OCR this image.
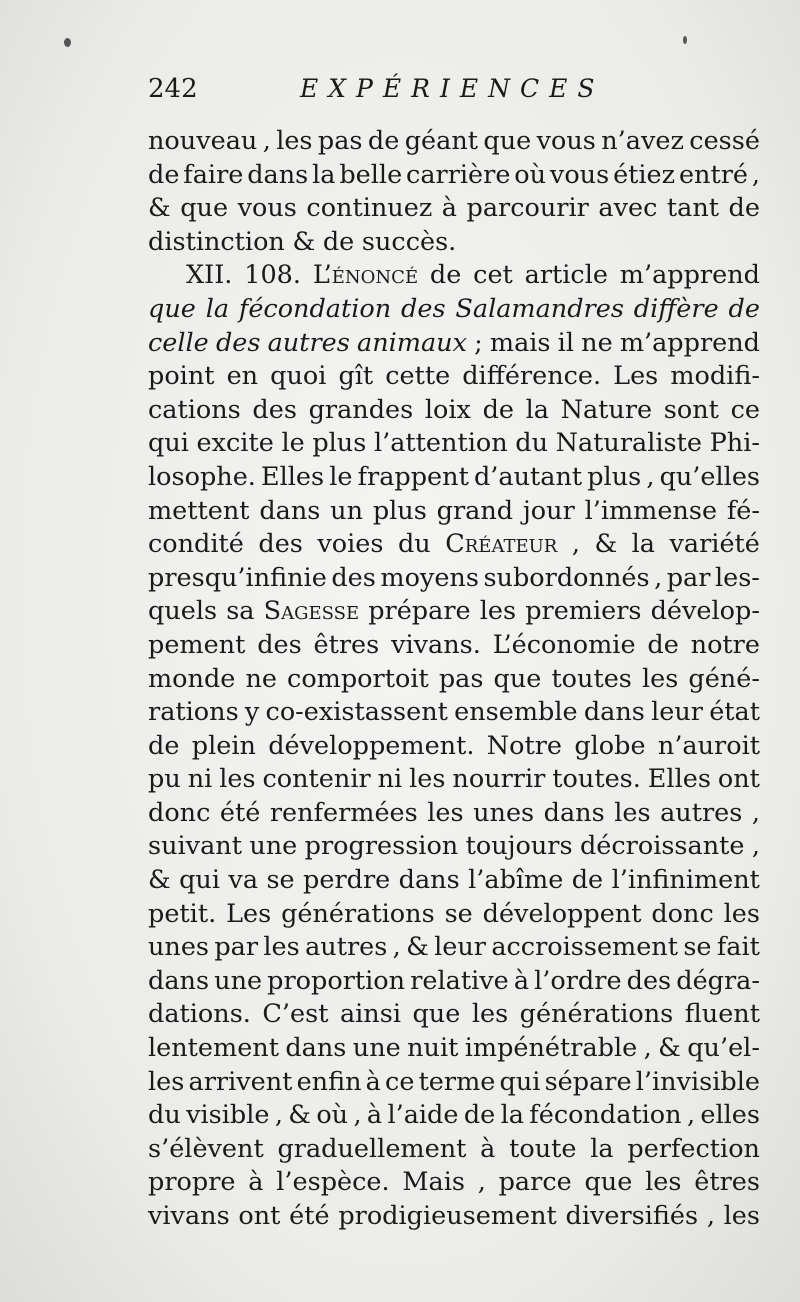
242	EXPÉRIENCES
nouveau , les pas de géant que vous n’avez cessé
de faire dans la belle carrière où vous étiez entré ,
& que vous continuez à parcourir avec tant de
distinction & de succès.
XII. 108. L’énoncé de cet article m’apprend
que la fécondation des Salamandres diffère de
celle des autres animaux ; mais il ne m’apprend
point en quoi gît cette différence. Les modifi-
cations des grandes loix de la Nature sont ce
qui excite le plus l’attention du Naturaliste Phi-
losophe. Elles le frappent d’autant plus , qu’elles
mettent dans un plus grand jour l’immense fé-
condité des voies du Créateur , & la variété
presqu’infinie des moyens subordonnés , par les-
quels sa Sagesse prépare les premiers dévelop-
pement des êtres vivans. L’économie de notre
monde ne comportoit pas que toutes les géné-
rations y co-existassent ensemble dans leur état
de plein développement. Notre globe n’auroit
pu ni les contenir ni les nourrir toutes. Elles ont
donc été renfermées les unes dans les autres ,
suivant une progression toujours décroissante ,
& qui va se perdre dans l’abîme de l’infiniment
petit. Les générations se développent donc les
unes par les autres , & leur accroissement se fait
dans une proportion relative à l’ordre des dégra-
dations. C’est ainsi que les générations fluent
lentement dans une nuit impénétrable , & qu’el-
les arrivent enfin à ce terme qui sépare l’invisible
du visible , & où , à l’aide de la fécondation , elles
s’élèvent graduellement à toute la perfection
propre à l’espèce. Mais , parce que les êtres
vivans ont été prodigieusement diversifiés , les
